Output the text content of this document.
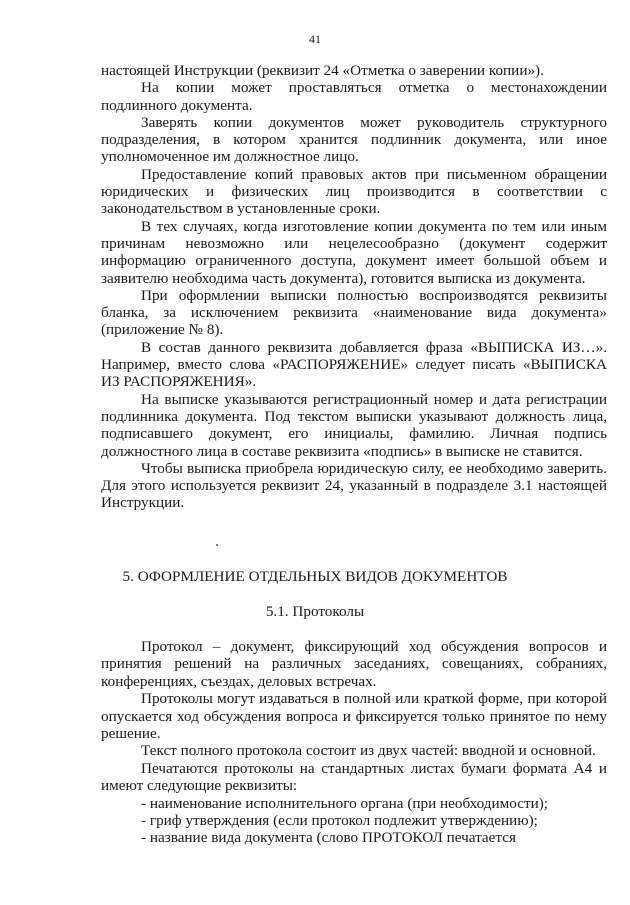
41

настоящей Инструкции (реквизит 24 «Отметка о заверении копии»).

На копии может проставляться отметка о местонахождении подлинного документа.

Заверять копии документов может руководитель структурного подразделения, в котором хранится подлинник документа, или иное уполномоченное им должностное лицо.

Предоставление копий правовых актов при письменном обращении юридических и физических лиц производится в соответствии с законодательством в установленные сроки.

В тех случаях, когда изготовление копии документа по тем или иным причинам невозможно или нецелесообразно (документ содержит информацию ограниченного доступа, документ имеет большой объем и заявителю необходима часть документа), готовится выписка из документа.

При оформлении выписки полностью воспроизводятся реквизиты бланка, за исключением реквизита «наименование вида документа» (приложение № 8).

В состав данного реквизита добавляется фраза «ВЫПИСКА ИЗ…». Например, вместо слова «РАСПОРЯЖЕНИЕ» следует писать «ВЫПИСКА ИЗ РАСПОРЯЖЕНИЯ».

На выписке указываются регистрационный номер и дата регистрации подлинника документа. Под текстом выписки указывают должность лица, подписавшего документ, его инициалы, фамилию. Личная подпись должностного лица в составе реквизита «подпись» в выписке не ставится.

Чтобы выписка приобрела юридическую силу, ее необходимо заверить. Для этого используется реквизит 24, указанный в подразделе 3.1 настоящей Инструкции.

5. ОФОРМЛЕНИЕ ОТДЕЛЬНЫХ ВИДОВ ДОКУМЕНТОВ
5.1. Протоколы

Протокол – документ, фиксирующий ход обсуждения вопросов и принятия решений на различных заседаниях, совещаниях, собраниях, конференциях, съездах, деловых встречах.

Протоколы могут издаваться в полной или краткой форме, при которой опускается ход обсуждения вопроса и фиксируется только принятое по нему решение.

Текст полного протокола состоит из двух частей: вводной и основной.

Печатаются протоколы на стандартных листах бумаги формата А4 и имеют следующие реквизиты:

- наименование исполнительного органа (при необходимости);
- гриф утверждения (если протокол подлежит утверждению);
- название вида документа (слово ПРОТОКОЛ печатается
